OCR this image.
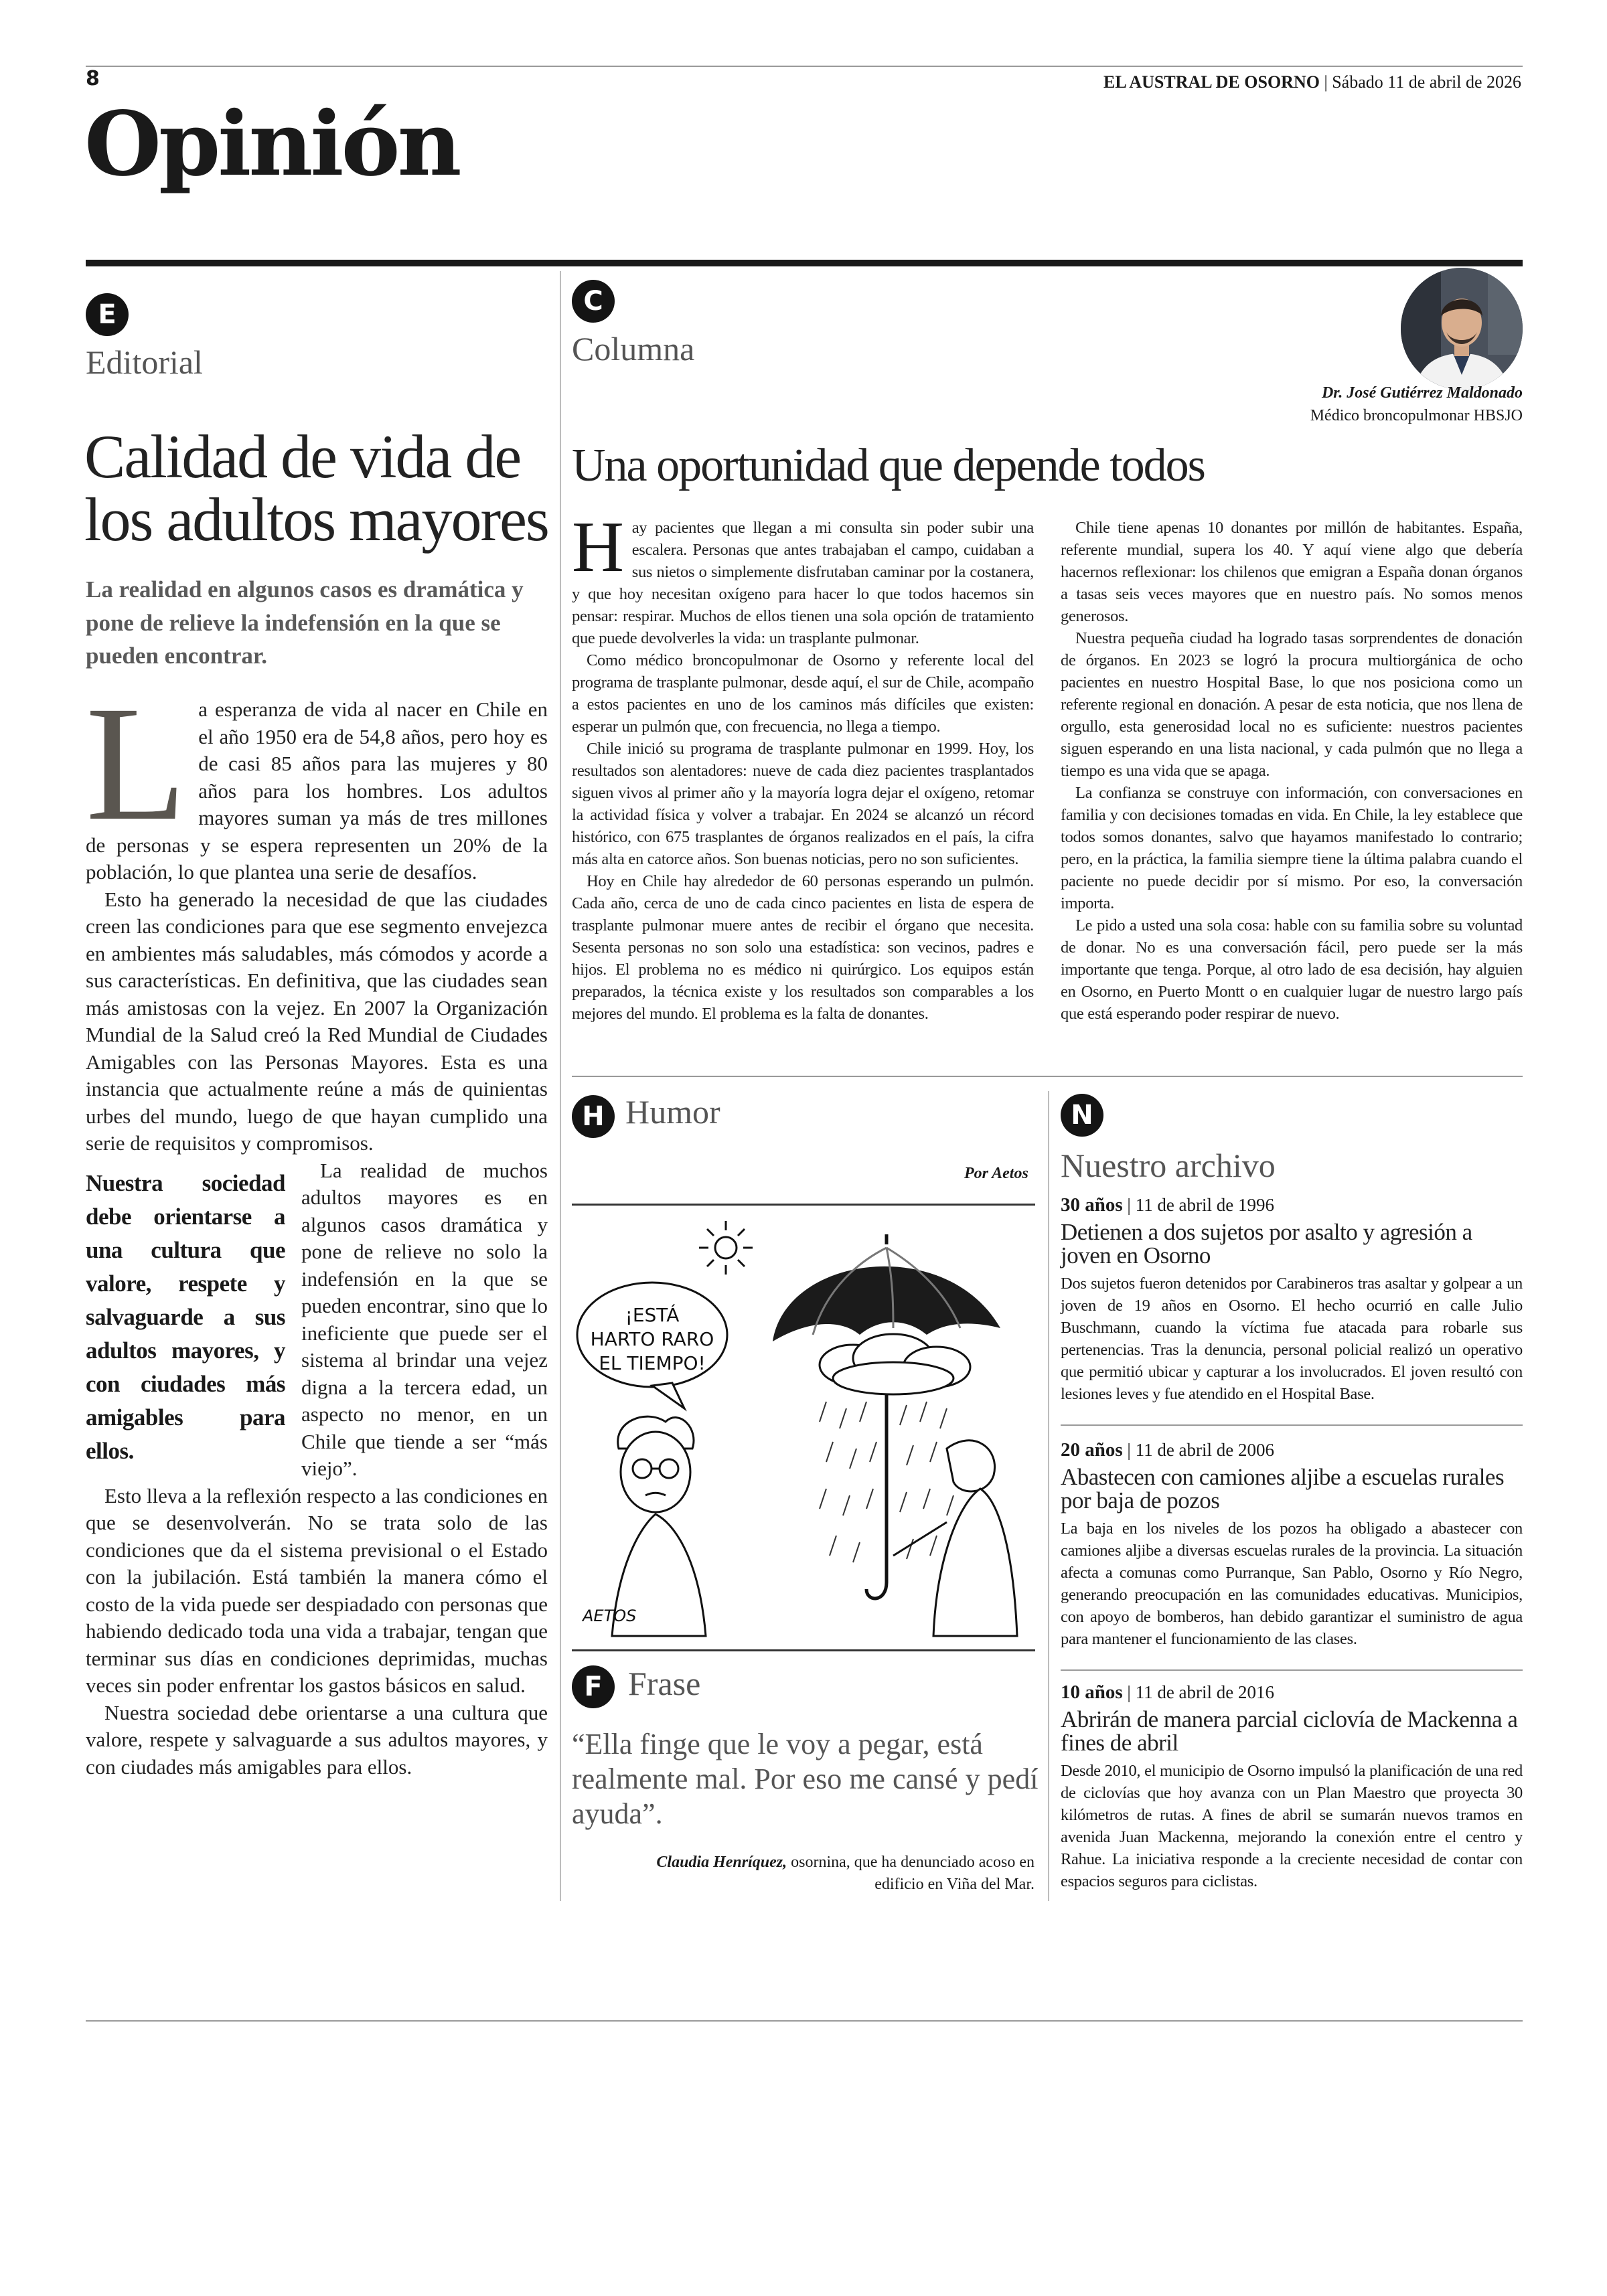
8	EL AUSTRAL DE OSORNO | Sábado 11 de abril de 2026
Opinión
E
Editorial
Calidad de vida de los adultos mayores

La realidad en algunos casos es dramática y pone de relieve la indefensión en la que se pueden encontrar.

La esperanza de vida al nacer en Chile en el año 1950 era de 54,8 años, pero hoy es de casi 85 años para las mujeres y 80 años para los hombres. Los adultos mayores suman ya más de tres millones de personas y se espera representen un 20% de la población, lo que plantea una serie de desafíos.

Esto ha generado la necesidad de que las ciudades creen las condiciones para que ese segmento envejezca en ambientes más saludables, más cómodos y acorde a sus características. En definitiva, que las ciudades sean más amistosas con la vejez. En 2007 la Organización Mundial de la Salud creó la Red Mundial de Ciudades Amigables con las Personas Mayores. Esta es una instancia que actualmente reúne a más de quinientas urbes del mundo, luego de que hayan cumplido una serie de requisitos y compromisos.

Nuestra sociedad debe orientarse a una cultura que valore, respete y salvaguarde a sus adultos mayores, y con ciudades más amigables para ellos.

La realidad de muchos adultos mayores es en algunos casos dramática y pone de relieve no solo la indefensión en la que se pueden encontrar, sino que lo ineficiente que puede ser el sistema al brindar una vejez digna a la tercera edad, un aspecto no menor, en un Chile que tiende a ser “más viejo”.

Esto lleva a la reflexión respecto a las condiciones en que se desenvolverán. No se trata solo de las condiciones que da el sistema previsional o el Estado con la jubilación. Está también la manera cómo el costo de la vida puede ser despiadado con personas que habiendo dedicado toda una vida a trabajar, tengan que terminar sus días en condiciones deprimidas, muchas veces sin poder enfrentar los gastos básicos en salud.

Nuestra sociedad debe orientarse a una cultura que valore, respete y salvaguarde a sus adultos mayores, y con ciudades más amigables para ellos.

C
Columna
Dr. José Gutiérrez Maldonado
Médico broncopulmonar HBSJO
Una oportunidad que depende todos

Hay pacientes que llegan a mi consulta sin poder subir una escalera. Personas que antes trabajaban el campo, cuidaban a sus nietos o simplemente disfrutaban caminar por la costanera, y que hoy necesitan oxígeno para hacer lo que todos hacemos sin pensar: respirar. Muchos de ellos tienen una sola opción de tratamiento que puede devolverles la vida: un trasplante pulmonar.

Como médico broncopulmonar de Osorno y referente local del programa de trasplante pulmonar, desde aquí, el sur de Chile, acompaño a estos pacientes en uno de los caminos más difíciles que existen: esperar un pulmón que, con frecuencia, no llega a tiempo.

Chile inició su programa de trasplante pulmonar en 1999. Hoy, los resultados son alentadores: nueve de cada diez pacientes trasplantados siguen vivos al primer año y la mayoría logra dejar el oxígeno, retomar la actividad física y volver a trabajar. En 2024 se alcanzó un récord histórico, con 675 trasplantes de órganos realizados en el país, la cifra más alta en catorce años. Son buenas noticias, pero no son suficientes.

Hoy en Chile hay alrededor de 60 personas esperando un pulmón. Cada año, cerca de uno de cada cinco pacientes en lista de espera de trasplante pulmonar muere antes de recibir el órgano que necesita. Sesenta personas no son solo una estadística: son vecinos, padres e hijos. El problema no es médico ni quirúrgico. Los equipos están preparados, la técnica existe y los resultados son comparables a los mejores del mundo. El problema es la falta de donantes.

Chile tiene apenas 10 donantes por millón de habitantes. España, referente mundial, supera los 40. Y aquí viene algo que debería hacernos reflexionar: los chilenos que emigran a España donan órganos a tasas seis veces mayores que en nuestro país. No somos menos generosos.

Nuestra pequeña ciudad ha logrado tasas sorprendentes de donación de órganos. En 2023 se logró la procura multiorgánica de ocho pacientes en nuestro Hospital Base, lo que nos posiciona como un referente regional en donación. A pesar de esta noticia, que nos llena de orgullo, esta generosidad local no es suficiente: nuestros pacientes siguen esperando en una lista nacional, y cada pulmón que no llega a tiempo es una vida que se apaga.

La confianza se construye con información, con conversaciones en familia y con decisiones tomadas en vida. En Chile, la ley establece que todos somos donantes, salvo que hayamos manifestado lo contrario; pero, en la práctica, la familia siempre tiene la última palabra cuando el paciente no puede decidir por sí mismo. Por eso, la conversación importa.

Le pido a usted una sola cosa: hable con su familia sobre su voluntad de donar. No es una conversación fácil, pero puede ser la más importante que tenga. Porque, al otro lado de esa decisión, hay alguien en Osorno, en Puerto Montt o en cualquier lugar de nuestro largo país que está esperando poder respirar de nuevo.

H Humor
Por Aetos
¡ESTÁ
HARTO RARO
EL TIEMPO!
AETOS
F Frase

“Ella finge que le voy a pegar, está realmente mal. Por eso me cansé y pedí ayuda”.

Claudia Henríquez, osornina, que ha denunciado acoso en edificio en Viña del Mar.
N
Nuestro archivo

30 años | 11 de abril de 1996

Detienen a dos sujetos por asalto y agresión a joven en Osorno

Dos sujetos fueron detenidos por Carabineros tras asaltar y golpear a un joven de 19 años en Osorno. El hecho ocurrió en calle Julio Buschmann, cuando la víctima fue atacada para robarle sus pertenencias. Tras la denuncia, personal policial realizó un operativo que permitió ubicar y capturar a los involucrados. El joven resultó con lesiones leves y fue atendido en el Hospital Base.

20 años | 11 de abril de 2006

Abastecen con camiones aljibe a escuelas rurales por baja de pozos

La baja en los niveles de los pozos ha obligado a abastecer con camiones aljibe a diversas escuelas rurales de la provincia. La situación afecta a comunas como Purranque, San Pablo, Osorno y Río Negro, generando preocupación en las comunidades educativas. Municipios, con apoyo de bomberos, han debido garantizar el suministro de agua para mantener el funcionamiento de las clases.

10 años | 11 de abril de 2016

Abrirán de manera parcial ciclovía de Mackenna a fines de abril

Desde 2010, el municipio de Osorno impulsó la planificación de una red de ciclovías que hoy avanza con un Plan Maestro que proyecta 30 kilómetros de rutas. A fines de abril se sumarán nuevos tramos en avenida Juan Mackenna, mejorando la conexión entre el centro y Rahue. La iniciativa responde a la creciente necesidad de contar con espacios seguros para ciclistas.
